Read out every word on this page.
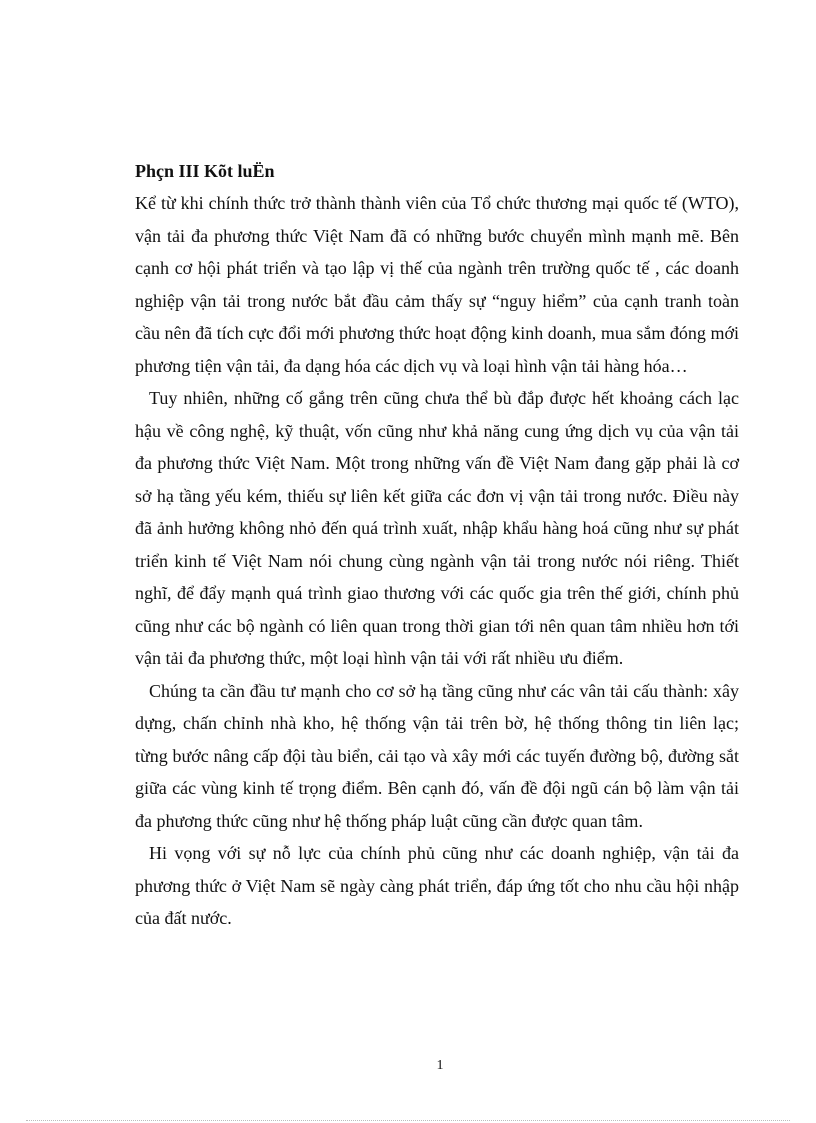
Phçn III Kõt luËn

Kể từ khi chính thức trở thành thành viên của Tổ chức thương mại quốc tế (WTO), vận tải đa phương thức Việt Nam đã có những bước chuyển mình mạnh mẽ. Bên cạnh cơ hội phát triển và tạo lập vị thế của ngành trên trường quốc tế , các doanh nghiệp vận tải trong nước bắt đầu cảm thấy sự “nguy hiểm” của cạnh tranh toàn cầu nên đã tích cực đổi mới phương thức hoạt động kinh doanh, mua sắm đóng mới phương tiện vận tải, đa dạng hóa các dịch vụ và loại hình vận tải hàng hóa…

Tuy nhiên, những cố gắng trên cũng chưa thể bù đắp được hết khoảng cách lạc hậu về công nghệ, kỹ thuật, vốn cũng như khả năng cung ứng dịch vụ của vận tải đa phương thức Việt Nam. Một trong những vấn đề Việt Nam đang gặp phải là cơ sở hạ tầng yếu kém, thiếu sự liên kết giữa các đơn vị vận tải trong nước. Điều này đã ảnh hưởng không nhỏ đến quá trình xuất, nhập khẩu hàng hoá cũng như sự phát triển kinh tế Việt Nam nói chung cùng ngành vận tải trong nước nói riêng. Thiết nghĩ, để đẩy mạnh quá trình giao thương với các quốc gia trên thế giới, chính phủ cũng như các bộ ngành có liên quan trong thời gian tới nên quan tâm nhiều hơn tới vận tải đa phương thức, một loại hình vận tải với rất nhiều ưu điểm.

Chúng ta cần đầu tư mạnh cho cơ sở hạ tầng cũng như các vân tải cấu thành: xây dựng, chấn chỉnh nhà kho, hệ thống vận tải trên bờ, hệ thống thông tin liên lạc; từng bước nâng cấp đội tàu biển, cải tạo và xây mới các tuyến đường bộ, đường sắt giữa các vùng kinh tế trọng điểm. Bên cạnh đó, vấn đề đội ngũ cán bộ làm vận tải đa phương thức cũng như hệ thống pháp luật cũng cần được quan tâm.

Hi vọng với sự nỗ lực của chính phủ cũng như các doanh nghiệp, vận tải đa phương thức ở Việt Nam sẽ ngày càng phát triển, đáp ứng tốt cho nhu cầu hội nhập của đất nước.

1
